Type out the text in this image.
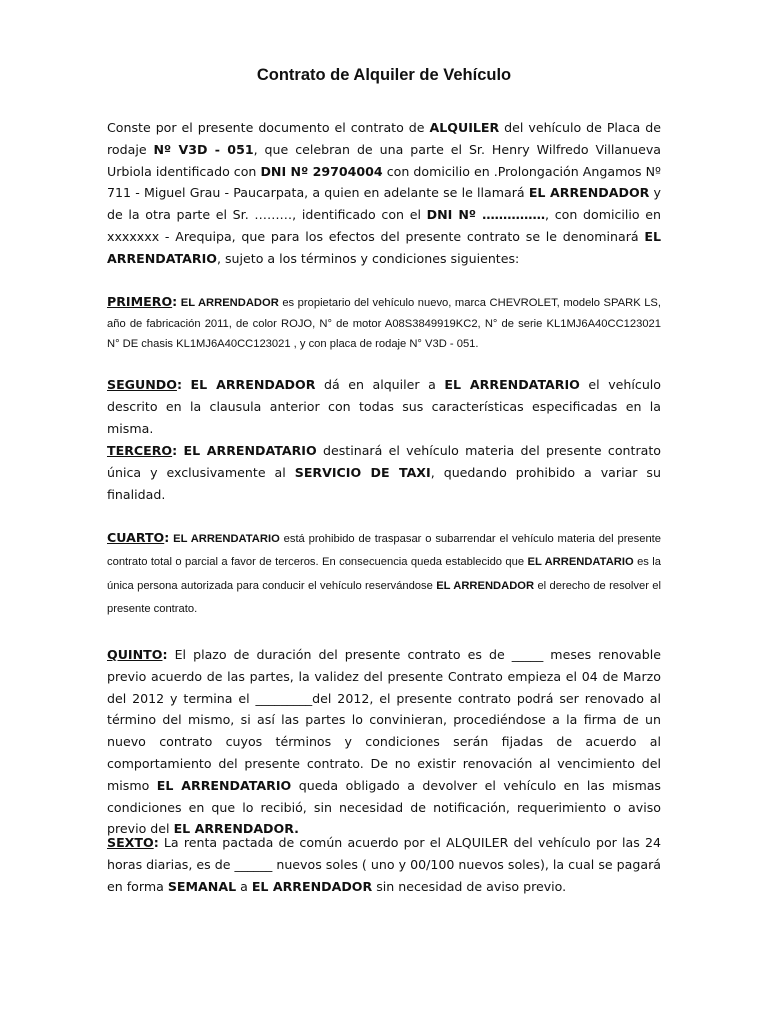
Contrato de Alquiler de Vehículo

Conste por el presente documento el contrato de ALQUILER del vehículo de Placa de rodaje Nº V3D - 051, que celebran de una parte el Sr. Henry Wilfredo Villanueva Urbiola identificado con DNI Nº 29704004 con domicilio en .Prolongación Angamos Nº 711 - Miguel Grau - Paucarpata, a quien en adelante se le llamará EL ARRENDADOR y de la otra parte el Sr. ………, identificado con el DNI Nº ……………, con domicilio en xxxxxxx - Arequipa, que para los efectos del presente contrato se le denominará EL ARRENDATARIO, sujeto a los términos y condiciones siguientes:

PRIMERO: EL ARRENDADOR es propietario del vehículo nuevo, marca CHEVROLET, modelo SPARK LS, año de fabricación 2011, de color ROJO, N° de motor A08S3849919KC2, N° de serie KL1MJ6A40CC123021 N° DE chasis KL1MJ6A40CC123021 , y con placa de rodaje N° V3D - 051.

SEGUNDO: EL ARRENDADOR dá en alquiler a EL ARRENDATARIO el vehículo descrito en la clausula anterior con todas sus características especificadas en la misma.

TERCERO: EL ARRENDATARIO destinará el vehículo materia del presente contrato única y exclusivamente al SERVICIO DE TAXI, quedando prohibido a variar su finalidad.

CUARTO: EL ARRENDATARIO está prohibido de traspasar o subarrendar el vehículo materia del presente contrato total o parcial a favor de terceros. En consecuencia queda establecido que EL ARRENDATARIO es la única persona autorizada para conducir el vehículo reservándose EL ARRENDADOR el derecho de resolver el presente contrato.

QUINTO: El plazo de duración del presente contrato es de _____ meses renovable previo acuerdo de las partes, la validez del presente Contrato empieza el 04 de Marzo del 2012 y termina el _________del 2012, el presente contrato podrá ser renovado al término del mismo, si así las partes lo convinieran, procediéndose a la firma de un nuevo contrato cuyos términos y condiciones serán fijadas de acuerdo al comportamiento del presente contrato. De no existir renovación al vencimiento del mismo EL ARRENDATARIO queda obligado a devolver el vehículo en las mismas condiciones en que lo recibió, sin necesidad de notificación, requerimiento o aviso previo del EL ARRENDADOR.

SEXTO: La renta pactada de común acuerdo por el ALQUILER del vehículo por las 24 horas diarias, es de ______ nuevos soles ( uno y 00/100 nuevos soles), la cual se pagará en forma SEMANAL a EL ARRENDADOR sin necesidad de aviso previo.
